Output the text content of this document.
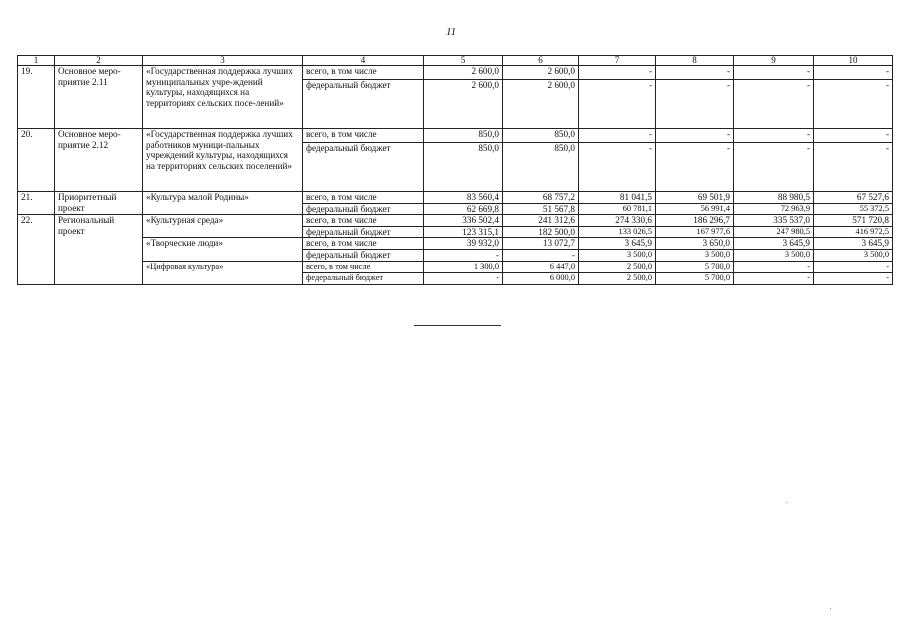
11
1	2	3	4	5	6	7	8	9	10
19.	Основное меро-приятие 2.11	«Государственная поддержка лучших муниципальных учре-ждений культуры, находящихся на территориях сельских посе-лений»	всего, в том числе	2 600,0	2 600,0	-	-	-	-
			федеральный бюджет	2 600,0	2 600,0	-	-	-	-
20.	Основное меро-приятие 2.12	«Государственная поддержка лучших работников муници-пальных учреждений культуры, находящихся на территориях сельских поселений»	всего, в том числе	850,0	850,0	-	-	-	-
			федеральный бюджет	850,0	850,0	-	-	-	-
21.	Приоритетный проект	«Культура малой Родины»	всего, в том числе	83 560,4	68 757,2	81 041,5	69 501,9	88 980,5	67 527,6
			федеральный бюджет	62 669,8	51 567,8	60 781,1	56 991,4	72 963,9	55 372,5
22.	Региональный проект	«Культурная среда»	всего, в том числе	336 502,4	241 312,6	274 330,6	186 296,7	335 537,0	571 720,8
			федеральный бюджет	123 315,1	182 500,0	133 026,5	167 977,6	247 980,5	416 972,5
		«Творческие люди»	всего, в том числе	39 932,0	13 072,7	3 645,9	3 650,0	3 645,9	3 645,9
			федеральный бюджет	-	-	3 500,0	3 500,0	3 500,0	3 500,0
		«Цифровая культура»	всего, в том числе	1 300,0	6 447,0	2 500,0	5 700,0	-	-
			федеральный бюджет	-	6 000,0	2 500,0	5 700,0	-	-
